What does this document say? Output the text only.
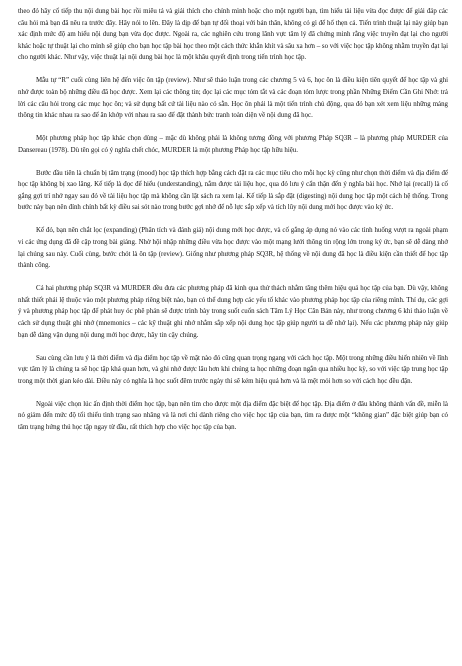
theo đó hãy cố tiếp thu nội dung bài học rồi miêu tả và giải thích cho chính mình hoặc cho một người bạn, tìm hiểu tài liệu vừa đọc được để giải đáp các câu hỏi mà bạn đã nêu ra trước đây. Hãy nói to lên. Đây là dịp để bạn tự đối thoại với bản thân, không có gì để hổ thẹn cả. Tiến trình thuật lại này giúp bạn xác định mức độ am hiểu nội dung bạn vừa đọc được. Ngoài ra, các nghiên cứu trong lãnh vực tâm lý đã chứng minh rằng việc truyền đạt lại cho người khác hoặc tự thuật lại cho mình sẽ giúp cho bạn học tập bài học theo một cách thức khắn khít và sâu xa hơn – so với việc học tập không nhằm truyền đạt lại cho người khác. Như vậy, việc thuật lại nội dung bài học là một khâu quyết định trong tiến trình học tập.

Mẫu tự “R” cuối cùng liên hệ đến việc ôn tập (review). Như sẽ thảo luận trong các chương 5 và 6, học ôn là điều kiện tiên quyết để học tập và ghi nhớ được toàn bộ những điều đã học được. Xem lại các thông tin; đọc lại các mục tóm tắt và các đoạn tóm lược trong phần Những Điểm Cần Ghi Nhớ: trả lời các câu hỏi trong các mục học ôn; và sử dụng bất cứ tài liệu nào có sẵn. Học ôn phải là một tiến trình chủ động, qua đó bạn xét xem liệu những mảng thông tin khác nhau ra sao để ăn khớp với nhau ra sao để đặt thành bức tranh toàn diện về nội dung đã học.

Một phương pháp học tập khác chọn dùng – mặc dù không phải là không tương đồng với phương Pháp SQ3R – là phương pháp MURDER của Dansereau (1978). Dù tên gọi có ý nghĩa chết chóc, MURDER là một phương Pháp học tập hữu hiệu.

Bước đầu tiên là chuẩn bị tâm trạng (mood) học tập thích hợp bằng cách đặt ra các mục tiêu cho mỗi học kỳ cũng như chọn thời điểm và địa điểm để học tập không bị xao lãng. Kế tiếp là đọc để hiểu (understanding), nắm được tài liệu học, qua đó lưu ý cẩn thận đến ý nghĩa bài học. Nhớ lại (recall) là cố gắng gợi trí nhớ ngay sau đó về tài liệu học tập mà không cần lật sách ra xem lại. Kế tiếp là sắp đặt (digesting) nội dung học tập một cách hệ thống. Trong bước này bạn nên đính chính bất kỳ điều sai sót nào trong bước gợi nhớ để nỗ lực sắp xếp và tích lũy nội dung mới học được vào ký ức.

Kế đó, bạn nên chắt lọc (expanding) (Phân tích và đánh giá) nội dung mới học được, và cố gắng áp dụng nó vào các tình huống vượt ra ngoài phạm vi các ứng dụng đã đề cập trong bài giảng. Nhờ hội nhập những điều vừa học được vào một mạng lưới thông tin rộng lớn trong ký ức, bạn sẽ dễ dàng nhớ lại chúng sau này. Cuối cùng, bước chót là ôn tập (review). Giống như phương pháp SQ3R, hệ thống về nội dung đã học là điều kiện cần thiết để học tập thành công.

Cả hai phương pháp SQ3R và MURDER đều đưa các phương pháp đã kinh qua thử thách nhằm tăng thêm hiệu quả học tập của bạn. Dù vậy, không nhất thiết phải lệ thuộc vào một phương pháp riêng biệt nào, bạn có thể dung hợp các yếu tố khác vào phương pháp học tập của riêng mình. Thí dụ, các gợi ý và phương pháp học tập để phát huy óc phê phán sẽ được trình bày trong suốt cuốn sách Tâm Lý Học Căn Bản này, như trong chương 6 khi thảo luận về cách sử dụng thuật ghi nhớ (mnemonics – các kỹ thuật ghi nhớ nhằm sắp xếp nội dung học tập giúp người ta dễ nhớ lại). Nếu các phương pháp này giúp bạn dễ dàng vận dụng nội dung mới học được, hãy tin cậy chúng.

Sau cùng cần lưu ý là thời điểm và địa điểm học tập về mặt nào đó cũng quan trọng ngang với cách học tập. Một trong những điều hiển nhiên về lĩnh vực tâm lý là chúng ta sẽ học tập khá quan hơn, và ghi nhớ được lâu hơn khi chúng ta học những đoạn ngắn qua nhiều học kỳ, so với việc tập trung học tập trong một thời gian kéo dài. Điều này có nghĩa là học suốt đêm trước ngày thi sẽ kém hiệu quả hơn và là mệt mỏi hơn so với cách học đều đặn.

Ngoài việc chọn lúc ấn định thời điểm học tập, bạn nên tìm cho được một địa điểm đặc biệt để học tập. Địa điểm ở đâu không thành vấn đề, miễn là nó giảm đến mức độ tối thiểu tình trạng sao nhãng và là nơi chỉ dành riêng cho việc học tập của bạn, tìm ra được một “không gian” đặc biệt giúp bạn có tâm trạng hứng thú học tập ngay từ đầu, rất thích hợp cho việc học tập của bạn.
